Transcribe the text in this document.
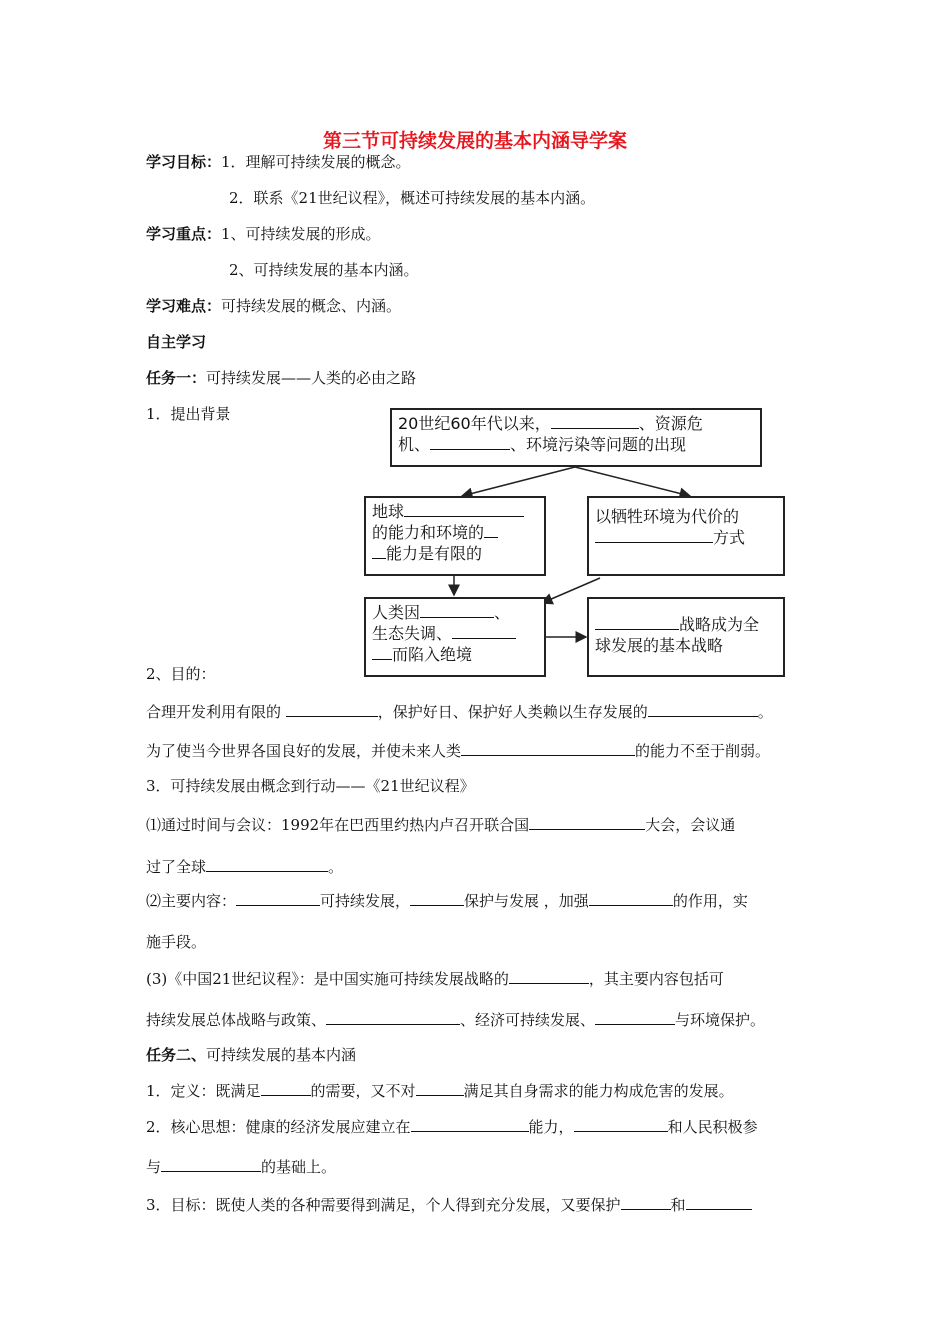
第三节可持续发展的基本内涵导学案
学习目标：1．理解可持续发展的概念。
2．联系《21世纪议程》，概述可持续发展的基本内涵。
学习重点：1、可持续发展的形成。
2、可持续发展的基本内涵。
学习难点：可持续发展的概念、内涵。
自主学习
任务一：可持续发展——人类的必由之路
1．提出背景	20世纪60年代以来，	、资源危
机、	、环境污染等问题的出现
地球
的能力和环境的
能力是有限的
以牺牲环境为代价的
方式
人类因	、
生态失调、
而陷入绝境
战略成为全
球发展的基本战略
2、目的：
合理开发利用有限的	，保护好日、保护好人类赖以生存发展的	。
为了使当今世界各国良好的发展，并使未来人类	的能力不至于削弱。
3．可持续发展由概念到行动——《21世纪议程》
⑴通过时间与会议：1992年在巴西里约热内卢召开联合国	大会，会议通
过了全球	。
⑵主要内容：	可持续发展，	保护与发展 ，加强	的作用，实
施手段。
(3)《中国21世纪议程》：是中国实施可持续发展战略的	，其主要内容包括可
持续发展总体战略与政策、	、经济可持续发展、	与环境保护。
任务二、可持续发展的基本内涵
1．定义：既满足	的需要，又不对	满足其自身需求的能力构成危害的发展。
2．核心思想：健康的经济发展应建立在	能力，	和人民积极参
与	的基础上。
3．目标：既使人类的各种需要得到满足，个人得到充分发展，又要保护	和
